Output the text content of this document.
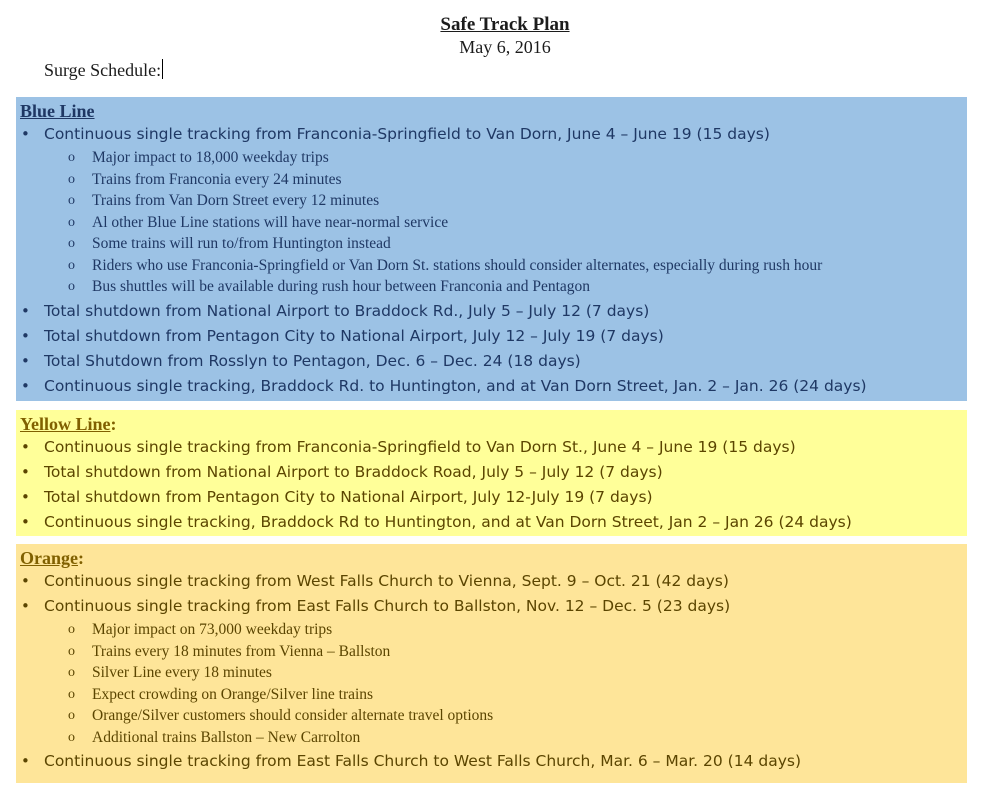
Safe Track Plan
May 6, 2016
Surge Schedule:
Blue Line
• Continuous single tracking from Franconia-Springfield to Van Dorn, June 4 – June 19 (15 days)
o Major impact to 18,000 weekday trips
o Trains from Franconia every 24 minutes
o Trains from Van Dorn Street every 12 minutes
o Al other Blue Line stations will have near-normal service
o Some trains will run to/from Huntington instead
o Riders who use Franconia-Springfield or Van Dorn St. stations should consider alternates, especially during rush hour
o Bus shuttles will be available during rush hour between Franconia and Pentagon
• Total shutdown from National Airport to Braddock Rd., July 5 – July 12 (7 days)
• Total shutdown from Pentagon City to National Airport, July 12 – July 19 (7 days)
• Total Shutdown from Rosslyn to Pentagon, Dec. 6 – Dec. 24 (18 days)
• Continuous single tracking, Braddock Rd. to Huntington, and at Van Dorn Street, Jan. 2 – Jan. 26 (24 days)
Yellow Line:
• Continuous single tracking from Franconia-Springfield to Van Dorn St., June 4 – June 19 (15 days)
• Total shutdown from National Airport to Braddock Road, July 5 – July 12 (7 days)
• Total shutdown from Pentagon City to National Airport, July 12-July 19 (7 days)
• Continuous single tracking, Braddock Rd to Huntington, and at Van Dorn Street, Jan 2 – Jan 26 (24 days)
Orange:
• Continuous single tracking from West Falls Church to Vienna, Sept. 9 – Oct. 21 (42 days)
• Continuous single tracking from East Falls Church to Ballston, Nov. 12 – Dec. 5 (23 days)
o Major impact on 73,000 weekday trips
o Trains every 18 minutes from Vienna – Ballston
o Silver Line every 18 minutes
o Expect crowding on Orange/Silver line trains
o Orange/Silver customers should consider alternate travel options
o Additional trains Ballston – New Carrolton
• Continuous single tracking from East Falls Church to West Falls Church, Mar. 6 – Mar. 20 (14 days)
